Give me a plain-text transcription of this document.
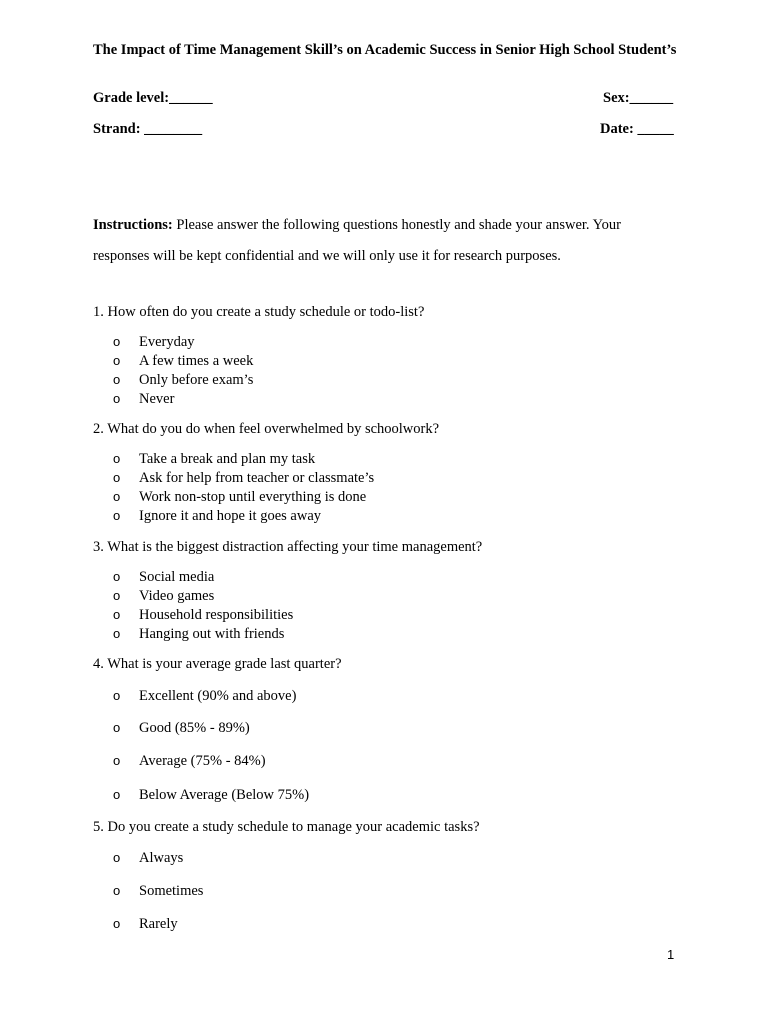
The Impact of Time Management Skill’s on Academic Success in Senior High School Student’s
Grade level:______	Sex:______
Strand: ________	Date: _____
Instructions: Please answer the following questions honestly and shade your answer. Your responses will be kept confidential and we will only use it for research purposes.
1. How often do you create a study schedule or todo-list?
o Everyday
o A few times a week
o Only before exam’s
o Never
2. What do you do when feel overwhelmed by schoolwork?
o Take a break and plan my task
o Ask for help from teacher or classmate’s
o Work non-stop until everything is done
o Ignore it and hope it goes away
3. What is the biggest distraction affecting your time management?
o Social media
o Video games
o Household responsibilities
o Hanging out with friends
4. What is your average grade last quarter?
o Excellent (90% and above)
o Good (85% - 89%)
o Average (75% - 84%)
o Below Average (Below 75%)
5. Do you create a study schedule to manage your academic tasks?
o Always
o Sometimes
o Rarely
1
